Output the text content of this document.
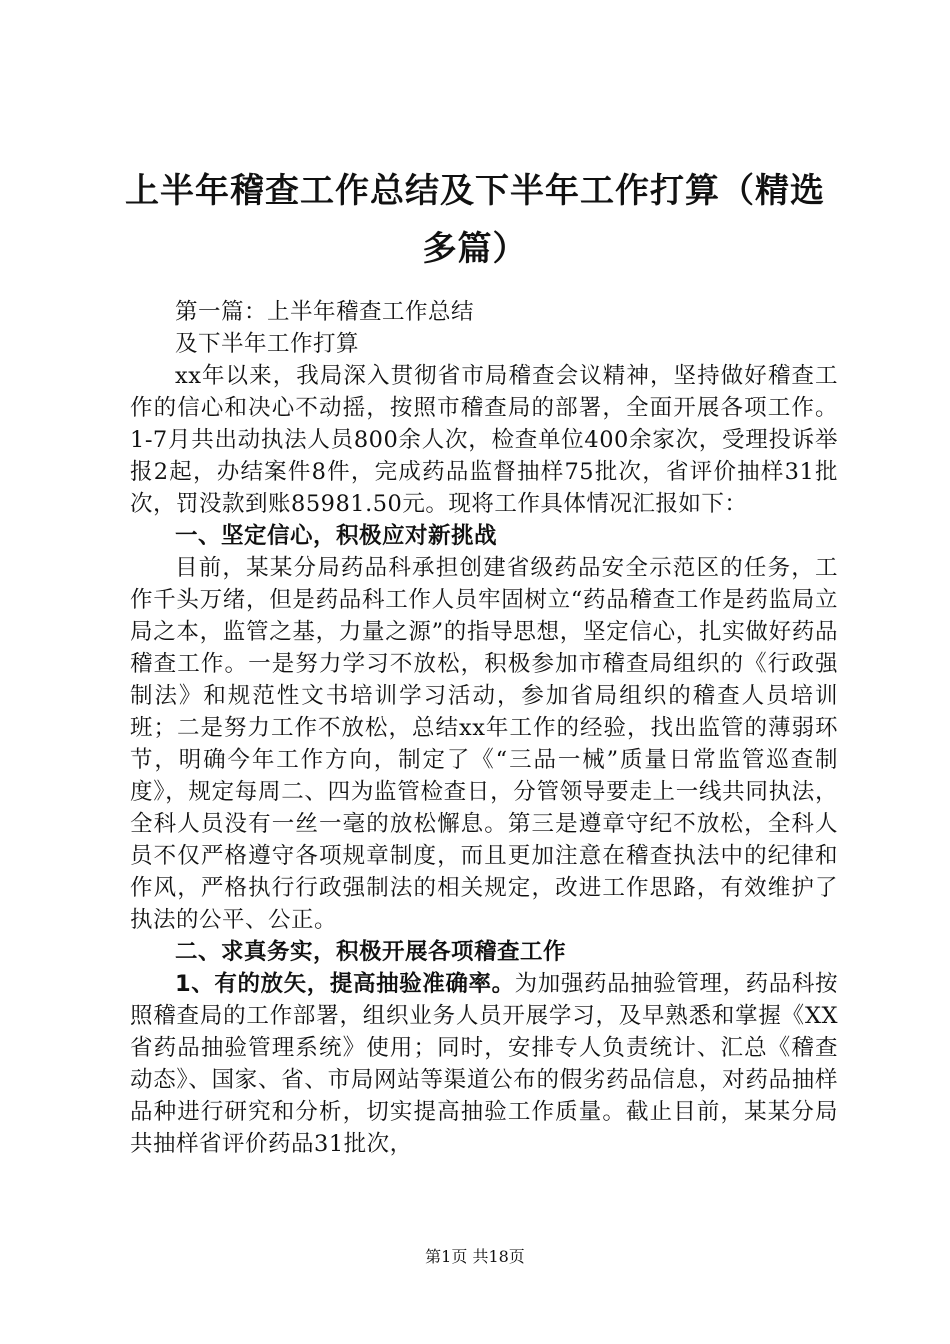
上半年稽查工作总结及下半年工作打算（精选多篇）

第一篇：上半年稽查工作总结

及下半年工作打算

xx年以来，我局深入贯彻省市局稽查会议精神，坚持做好稽查工作的信心和决心不动摇，按照市稽查局的部署，全面开展各项工作。1-7月共出动执法人员800余人次，检查单位400余家次，受理投诉举报2起，办结案件8件，完成药品监督抽样75批次，省评价抽样31批次，罚没款到账85981.50元。现将工作具体情况汇报如下：

一、坚定信心，积极应对新挑战

目前，某某分局药品科承担创建省级药品安全示范区的任务，工作千头万绪，但是药品科工作人员牢固树立“药品稽查工作是药监局立局之本，监管之基，力量之源”的指导思想，坚定信心，扎实做好药品稽查工作。一是努力学习不放松，积极参加市稽查局组织的《行政强制法》和规范性文书培训学习活动，参加省局组织的稽查人员培训班；二是努力工作不放松，总结xx年工作的经验，找出监管的薄弱环节，明确今年工作方向，制定了《“三品一械”质量日常监管巡查制度》，规定每周二、四为监管检查日，分管领导要走上一线共同执法，全科人员没有一丝一毫的放松懈息。第三是遵章守纪不放松，全科人员不仅严格遵守各项规章制度，而且更加注意在稽查执法中的纪律和作风，严格执行行政强制法的相关规定，改进工作思路，有效维护了执法的公平、公正。

二、求真务实，积极开展各项稽查工作

1、有的放矢，提高抽验准确率。为加强药品抽验管理，药品科按照稽查局的工作部署，组织业务人员开展学习，及早熟悉和掌握《XX省药品抽验管理系统》使用；同时，安排专人负责统计、汇总《稽查动态》、国家、省、市局网站等渠道公布的假劣药品信息，对药品抽样品种进行研究和分析，切实提高抽验工作质量。截止目前，某某分局共抽样省评价药品31批次，

第1页 共18页
